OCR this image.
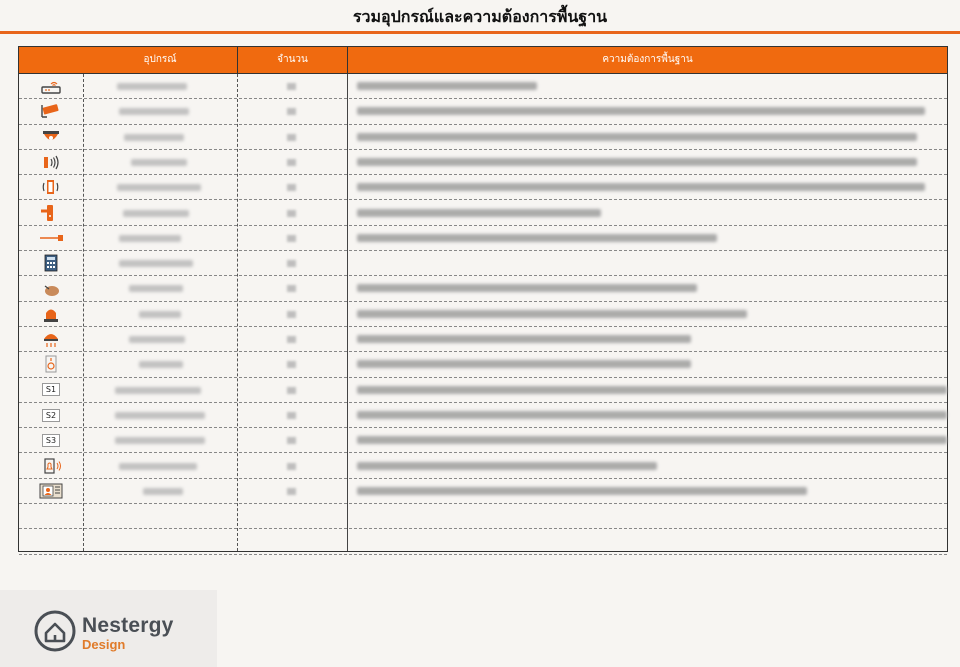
รวมอุปกรณ์และความต้องการพื้นฐาน
อุปกรณ์	จำนวน	ความต้องการพื้นฐาน
S1
S2
S3
Nestergy
Design
